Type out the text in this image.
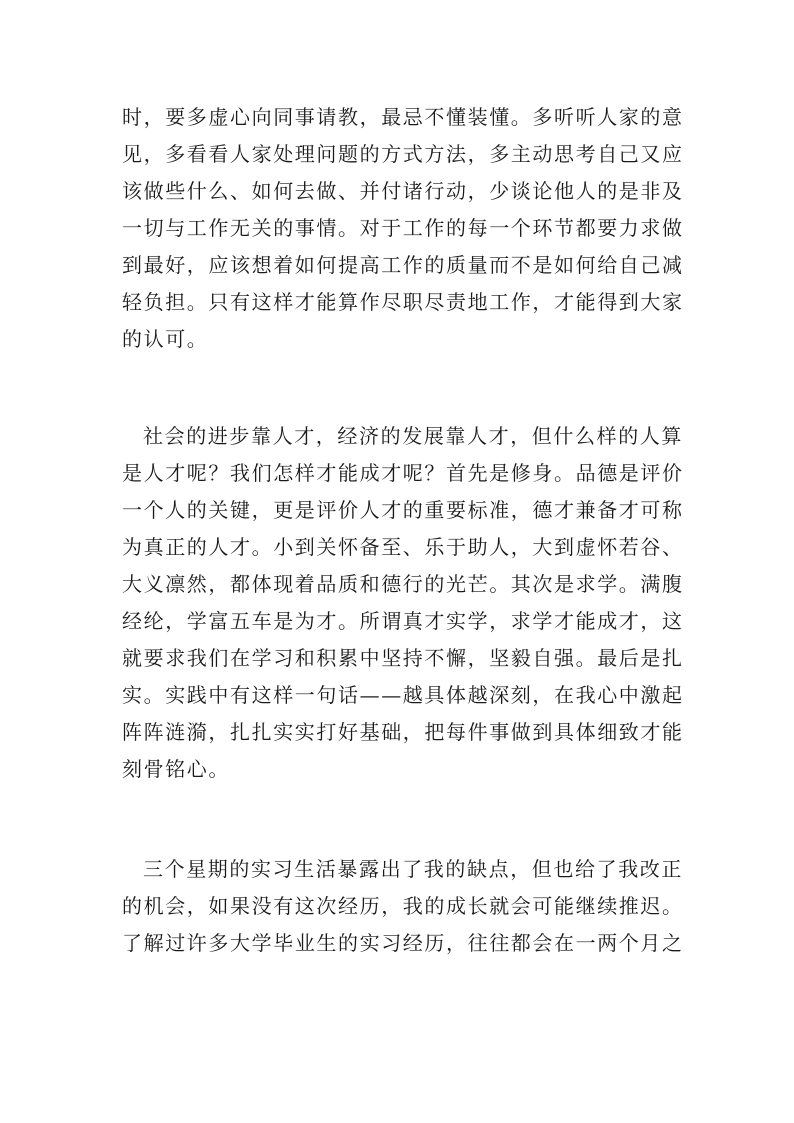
时，要多虚心向同事请教，最忌不懂装懂。多听听人家的意
见，多看看人家处理问题的方式方法，多主动思考自己又应
该做些什么、如何去做、并付诸行动，少谈论他人的是非及
一切与工作无关的事情。对于工作的每一个环节都要力求做
到最好，应该想着如何提高工作的质量而不是如何给自己减
轻负担。只有这样才能算作尽职尽责地工作，才能得到大家
的认可。
社会的进步靠人才，经济的发展靠人才，但什么样的人算
是人才呢？我们怎样才能成才呢？首先是修身。品德是评价
一个人的关键，更是评价人才的重要标准，德才兼备才可称
为真正的人才。小到关怀备至、乐于助人，大到虚怀若谷、
大义凛然，都体现着品质和德行的光芒。其次是求学。满腹
经纶，学富五车是为才。所谓真才实学，求学才能成才，这
就要求我们在学习和积累中坚持不懈，坚毅自强。最后是扎
实。实践中有这样一句话——越具体越深刻，在我心中激起
阵阵涟漪，扎扎实实打好基础，把每件事做到具体细致才能
刻骨铭心。
三个星期的实习生活暴露出了我的缺点，但也给了我改正
的机会，如果没有这次经历，我的成长就会可能继续推迟。
了解过许多大学毕业生的实习经历，往往都会在一两个月之
